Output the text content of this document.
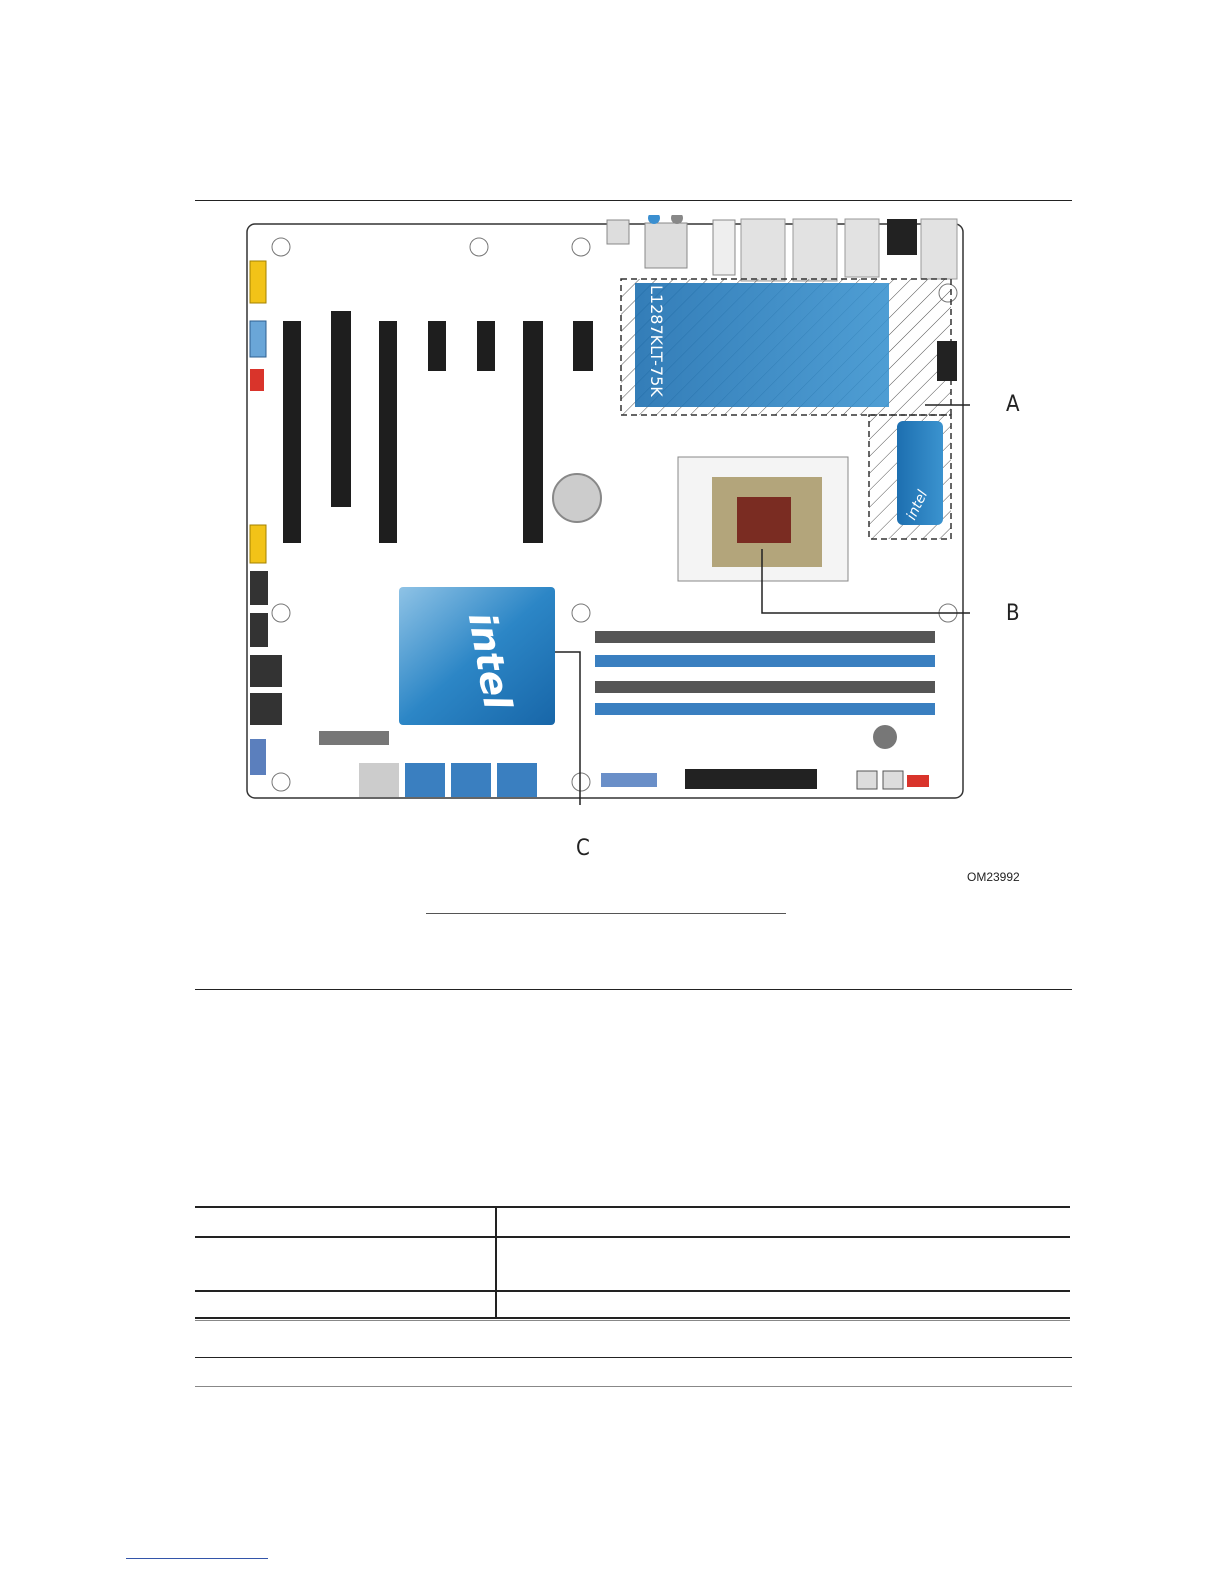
L1287KLT-75K
intel
intel
A
B
C
OM23992
